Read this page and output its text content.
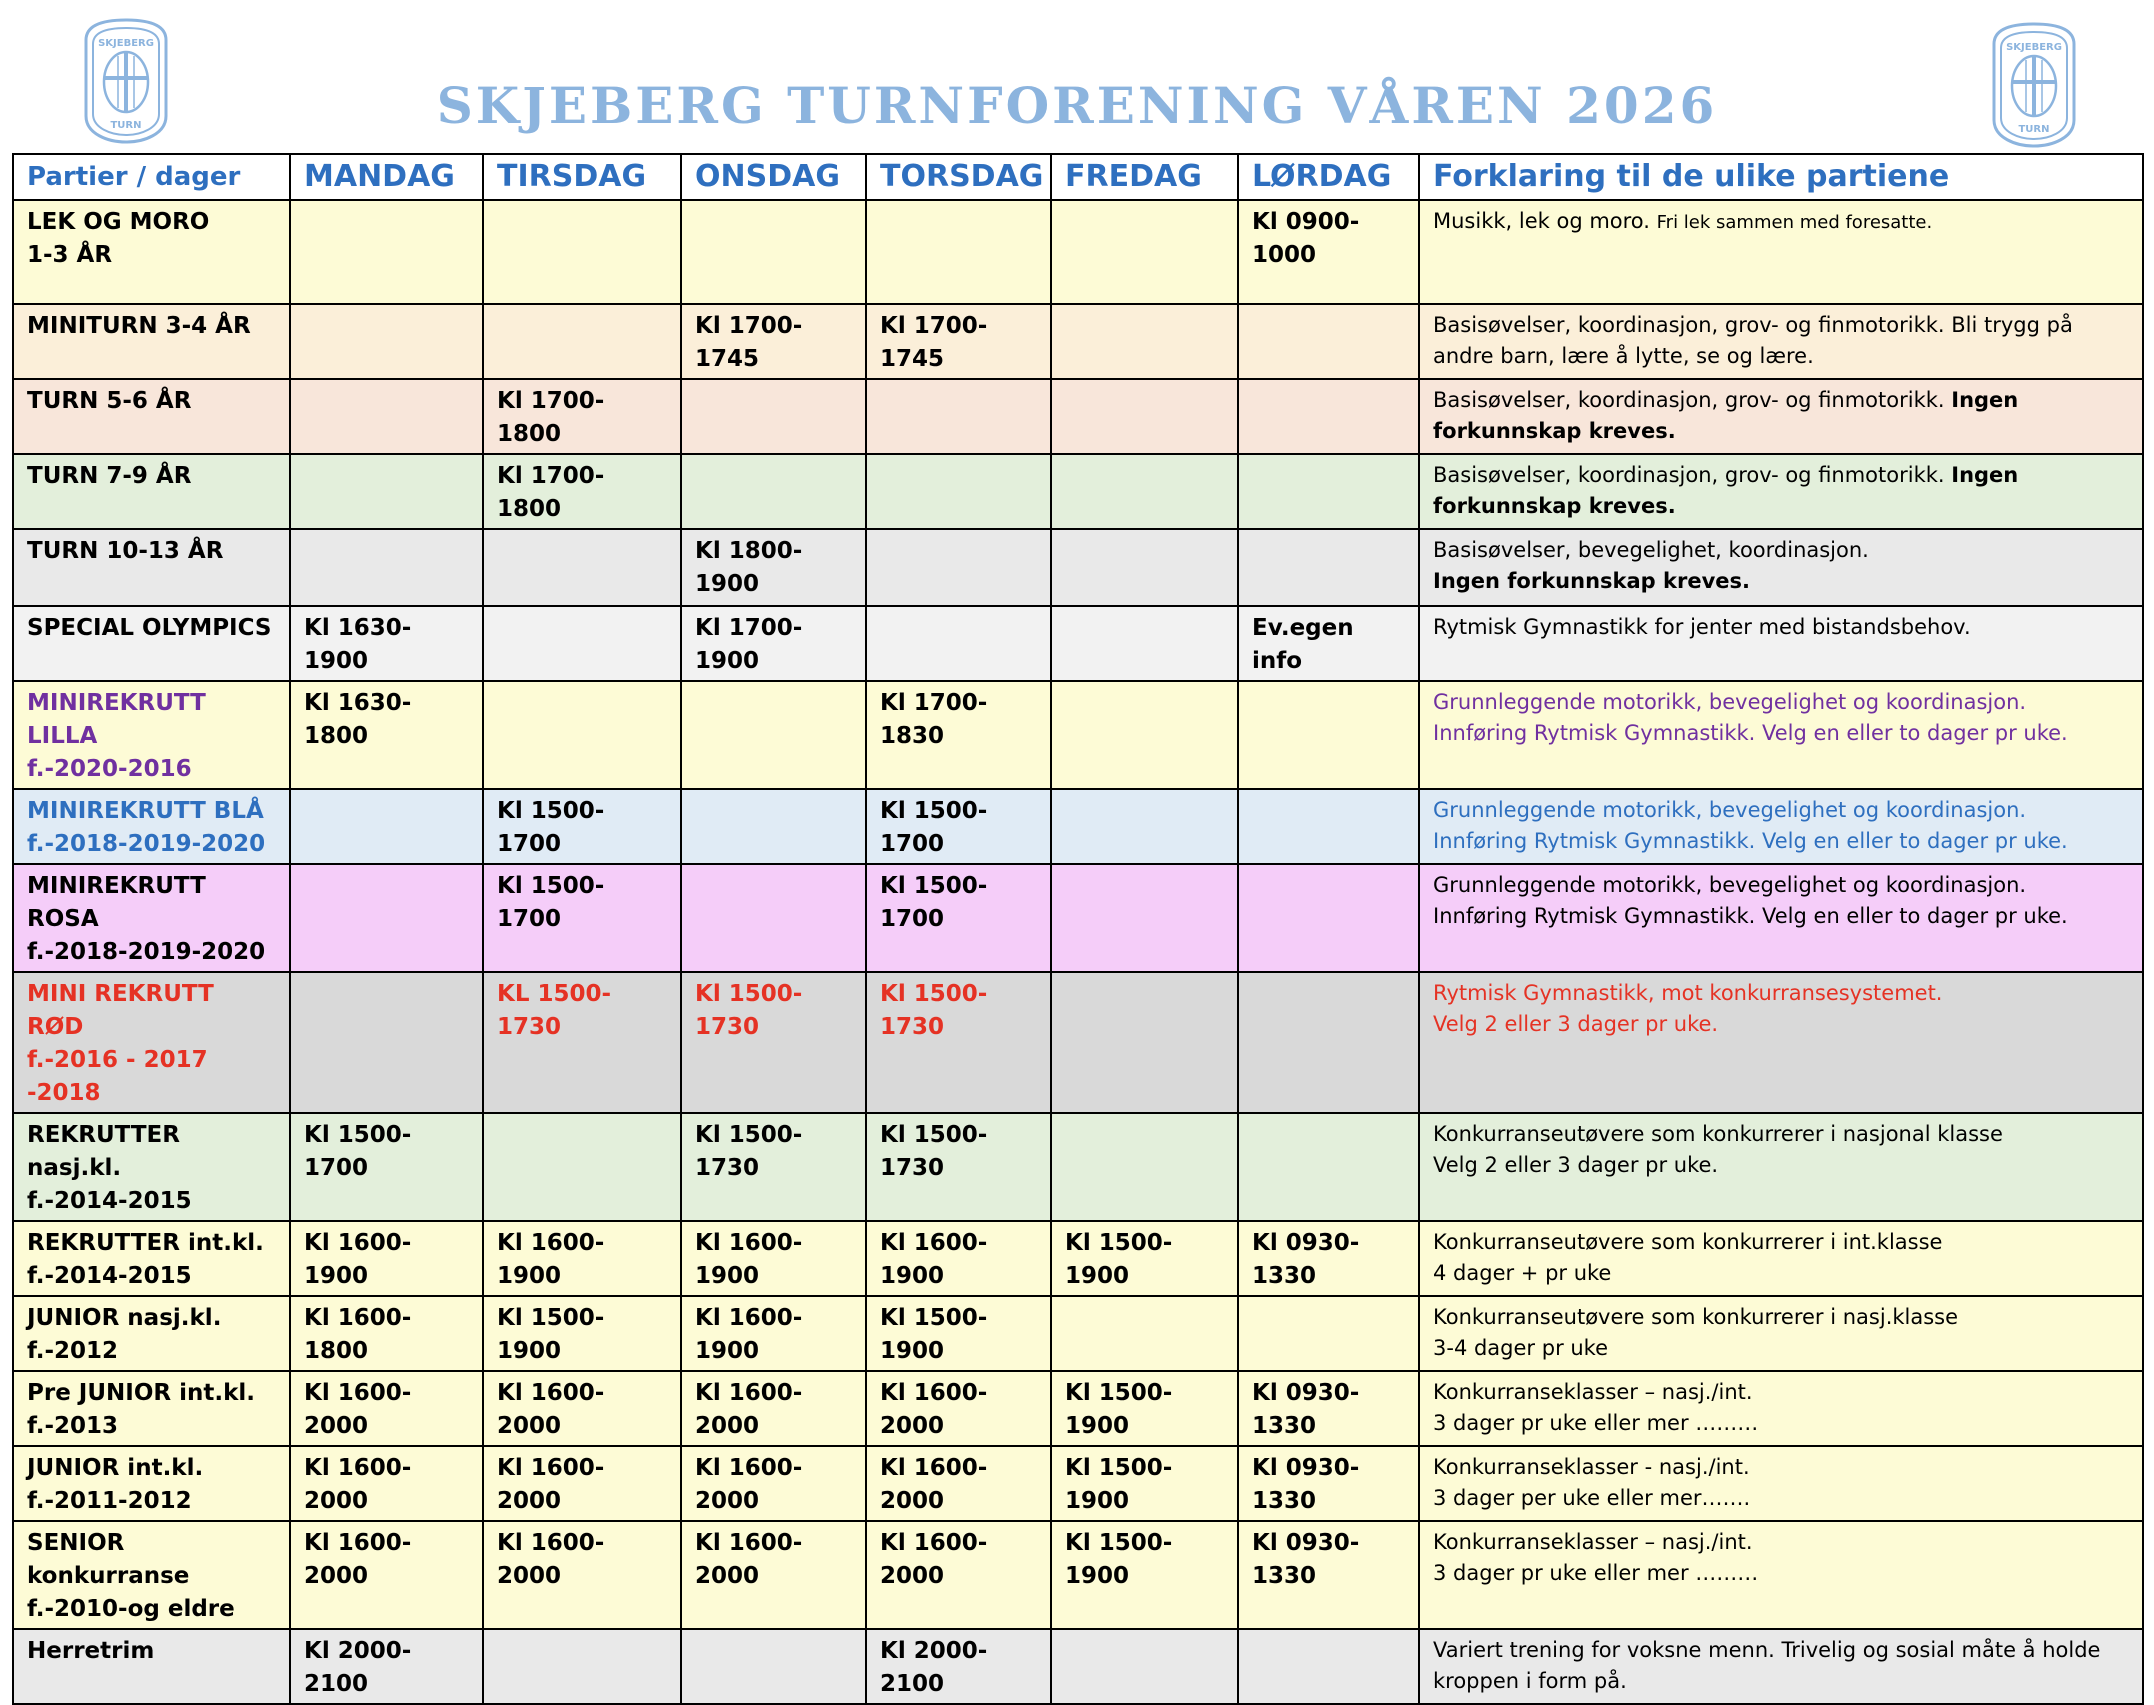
SKJEBERG
TURN
SKJEBERG
TURN
SKJEBERG TURNFORENING VÅREN 2026
Partier / dager	MANDAG	TIRSDAG	ONSDAG	TORSDAG	FREDAG	LØRDAG	Forklaring til de ulike partiene

LEK OG MORO
1-3 ÅR						Kl 0900-1000	Musikk, lek og moro. Fri lek sammen med foresatte.

MINITURN 3-4 ÅR			Kl 1700-1745	Kl 1700-1745			Basisøvelser, koordinasjon, grov- og finmotorikk. Bli trygg på
andre barn, lære å lytte, se og lære.

TURN 5-6 ÅR		Kl 1700-1800					Basisøvelser, koordinasjon, grov- og finmotorikk. Ingen
forkunnskap kreves.

TURN 7-9 ÅR		Kl 1700-1800					Basisøvelser, koordinasjon, grov- og finmotorikk. Ingen
forkunnskap kreves.

TURN 10-13 ÅR			Kl 1800-1900				Basisøvelser, bevegelighet, koordinasjon.
Ingen forkunnskap kreves.

SPECIAL OLYMPICS	Kl 1630-1900		Kl 1700-1900			Ev.egen info	Rytmisk Gymnastikk for jenter med bistandsbehov.

MINIREKRUTT LILLA
f.-2020-2016	Kl 1630-1800			Kl 1700-1830			Grunnleggende motorikk, bevegelighet og koordinasjon.
Innføring Rytmisk Gymnastikk. Velg en eller to dager pr uke.

MINIREKRUTT BLÅ
f.-2018-2019-2020		Kl 1500-1700		Kl 1500-1700			Grunnleggende motorikk, bevegelighet og koordinasjon.
Innføring Rytmisk Gymnastikk. Velg en eller to dager pr uke.

MINIREKRUTT ROSA
f.-2018-2019-2020		Kl 1500-1700		Kl 1500-1700			Grunnleggende motorikk, bevegelighet og koordinasjon.
Innføring Rytmisk Gymnastikk. Velg en eller to dager pr uke.

MINI REKRUTT RØD
f.-2016 - 2017 -2018		KL 1500-1730	Kl 1500-1730	Kl 1500-1730			Rytmisk Gymnastikk, mot konkurransesystemet.
Velg 2 eller 3 dager pr uke.

REKRUTTER nasj.kl.
f.-2014-2015	Kl 1500-1700		Kl 1500-1730	Kl 1500-1730			Konkurranseutøvere som konkurrerer i nasjonal klasse
Velg 2 eller 3 dager pr uke.

REKRUTTER int.kl.
f.-2014-2015	Kl 1600-1900	Kl 1600-1900	Kl 1600-1900	Kl 1600-1900	Kl 1500-1900	Kl 0930-1330	Konkurranseutøvere som konkurrerer i int.klasse
4 dager + pr uke

JUNIOR nasj.kl.
f.-2012	Kl 1600-1800	Kl 1500-1900	Kl 1600-1900	Kl 1500-1900			Konkurranseutøvere som konkurrerer i nasj.klasse
3-4 dager pr uke

Pre JUNIOR int.kl.
f.-2013	Kl 1600-2000	Kl 1600-2000	Kl 1600-2000	Kl 1600-2000	Kl 1500-1900	Kl 0930-1330	Konkurranseklasser – nasj./int.
3 dager pr uke eller mer ………

JUNIOR int.kl.
f.-2011-2012	Kl 1600-2000	Kl 1600-2000	Kl 1600-2000	Kl 1600-2000	Kl 1500-1900	Kl 0930-1330	Konkurranseklasser - nasj./int.
3 dager per uke eller mer…….

SENIOR konkurranse
f.-2010-og eldre	Kl 1600-2000	Kl 1600-2000	Kl 1600-2000	Kl 1600-2000	Kl 1500-1900	Kl 0930-1330	Konkurranseklasser – nasj./int.
3 dager pr uke eller mer ………

Herretrim	Kl 2000-2100			Kl 2000-2100			Variert trening for voksne menn. Trivelig og sosial måte å holde
kroppen i form på.
